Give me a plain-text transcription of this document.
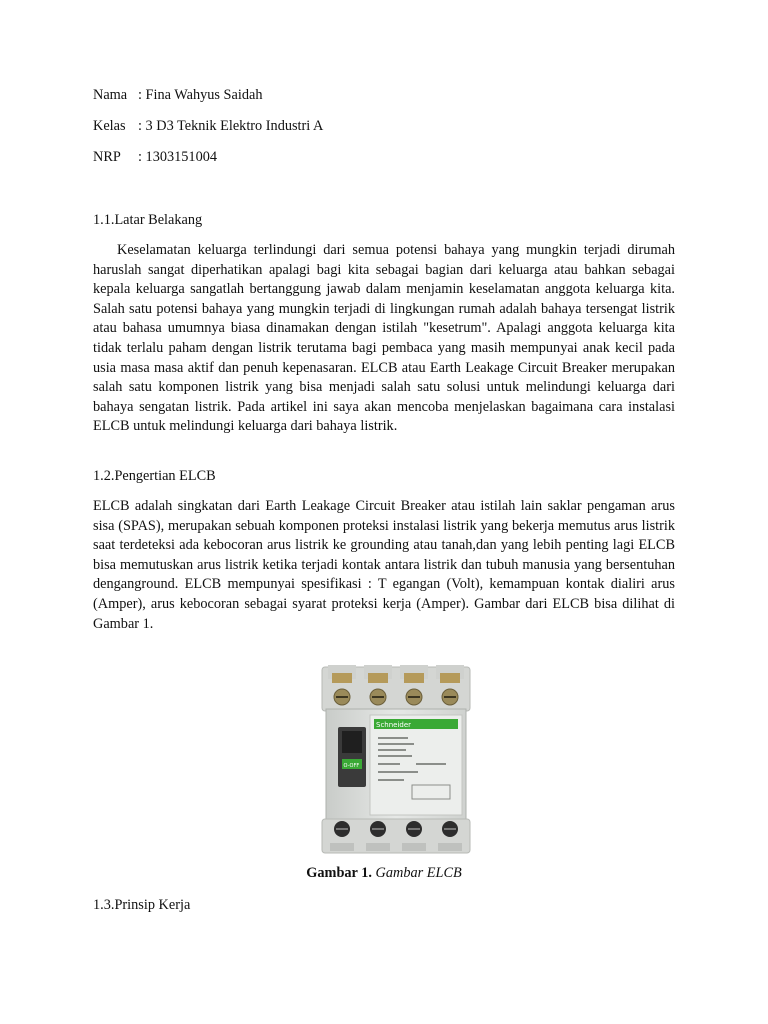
Nama : Fina Wahyus Saidah
Kelas : 3 D3 Teknik Elektro Industri A
NRP : 1303151004
1.1.Latar Belakang

Keselamatan keluarga terlindungi dari semua potensi bahaya yang mungkin terjadi dirumah haruslah sangat diperhatikan apalagi bagi kita sebagai bagian dari keluarga atau bahkan sebagai kepala keluarga sangatlah bertanggung jawab dalam menjamin keselamatan anggota keluarga kita. Salah satu potensi bahaya yang mungkin terjadi di lingkungan rumah adalah bahaya tersengat listrik atau bahasa umumnya biasa dinamakan dengan istilah "kesetrum". Apalagi anggota keluarga kita tidak terlalu paham dengan listrik terutama bagi pembaca yang masih mempunyai anak kecil pada usia masa masa aktif dan penuh kepenasaran. ELCB atau Earth Leakage Circuit Breaker merupakan salah satu komponen listrik yang bisa menjadi salah satu solusi untuk melindungi keluarga dari bahaya sengatan listrik. Pada artikel ini saya akan mencoba menjelaskan bagaimana cara instalasi ELCB untuk melindungi keluarga dari bahaya listrik.

1.2.Pengertian ELCB

ELCB adalah singkatan dari Earth Leakage Circuit Breaker atau istilah lain saklar pengaman arus sisa (SPAS), merupakan sebuah komponen proteksi instalasi listrik yang bekerja memutus arus listrik saat terdeteksi ada kebocoran arus listrik ke grounding atau tanah,dan yang lebih penting lagi ELCB bisa memutuskan arus listrik ketika terjadi kontak antara listrik dan tubuh manusia yang bersentuhan denganground. ELCB mempunyai spesifikasi : T egangan (Volt), kemampuan kontak dialiri arus (Amper), arus kebocoran sebagai syarat proteksi kerja (Amper). Gambar dari ELCB bisa dilihat di Gambar 1.

Schneider
O-OFF
Gambar 1. Gambar ELCB
1.3.Prinsip Kerja
